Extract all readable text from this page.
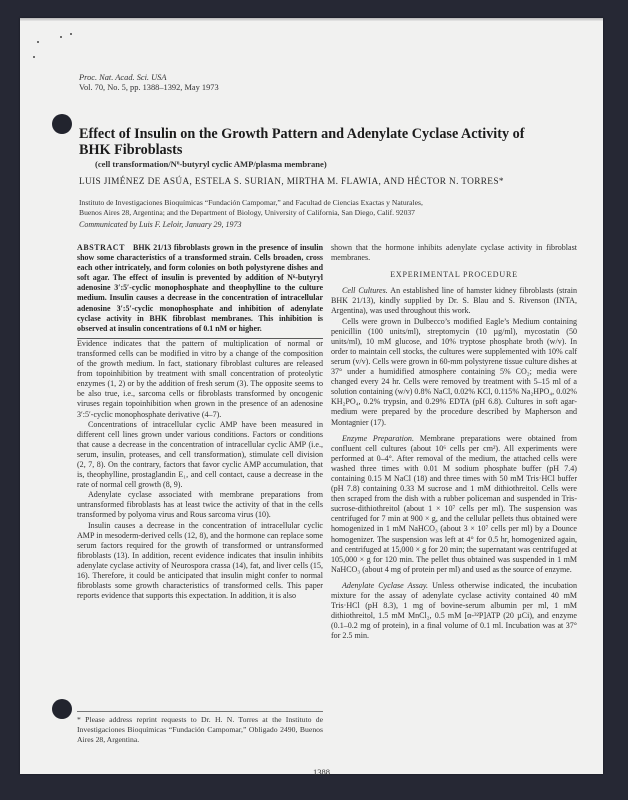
Proc. Nat. Acad. Sci. USA
Vol. 70, No. 5, pp. 1388–1392, May 1973
Effect of Insulin on the Growth Pattern and Adenylate Cyclase Activity of BHK Fibroblasts
(cell transformation/N⁶-butyryl cyclic AMP/plasma membrane)
LUIS JIMÉNEZ DE ASÚA, ESTELA S. SURIAN, MIRTHA M. FLAWIA, AND HÉCTOR N. TORRES*
Instituto de Investigaciones Bioquímicas “Fundación Campomar,” and Facultad de Ciencias Exactas y Naturales,
Buenos Aires 28, Argentina; and the Department of Biology, University of California, San Diego, Calif. 92037
Communicated by Luis F. Leloir, January 29, 1973

ABSTRACT BHK 21/13 fibroblasts grown in the presence of insulin show some characteristics of a transformed strain. Cells broaden, cross each other intricately, and form colonies on both polystyrene dishes and soft agar. The effect of insulin is prevented by addition of N⁶-butyryl adenosine 3′:5′-cyclic monophosphate and theophylline to the culture medium. Insulin causes a decrease in the concentration of intracellular adenosine 3′:5′-cyclic monophosphate and inhibition of adenylate cyclase activity in BHK fibroblast membranes. This inhibition is observed at insulin concentrations of 0.1 nM or higher.

Evidence indicates that the pattern of multiplication of normal or transformed cells can be modified in vitro by a change of the composition of the growth medium. In fact, stationary fibroblast cultures are released from topoinhibition by treatment with small concentration of proteolytic enzymes (1, 2) or by the addition of fresh serum (3). The opposite seems to be also true, i.e., sarcoma cells or fibroblasts transformed by oncogenic viruses regain topoinhibition when grown in the presence of an adenosine 3′:5′-cyclic monophosphate derivative (4–7).

Concentrations of intracellular cyclic AMP have been measured in different cell lines grown under various conditions. Factors or conditions that cause a decrease in the concentration of intracellular cyclic AMP (i.e., serum, insulin, proteases, and cell transformation), stimulate cell division (2, 7, 8). On the contrary, factors that favor cyclic AMP accumulation, that is, theophylline, prostaglandin E₁, and cell contact, cause a decrease in the rate of normal cell growth (8, 9).

Adenylate cyclase associated with membrane preparations from untransformed fibroblasts has at least twice the activity of that in the cells transformed by polyoma virus and Rous sarcoma virus (10).

Insulin causes a decrease in the concentration of intracellular cyclic AMP in mesoderm-derived cells (12, 8), and the hormone can replace some serum factors required for the growth of transformed or untransformed fibroblasts (13). In addition, recent evidence indicates that insulin inhibits adenylate cyclase activity of Neurospora crassa (14), fat, and liver cells (15, 16). Therefore, it could be anticipated that insulin might confer to normal fibroblasts some growth characteristics of transformed cells. This paper reports evidence that supports this expectation. In addition, it is also

* Please address reprint requests to Dr. H. N. Torres at the Instituto de Investigaciones Bioquímicas “Fundación Campomar,” Obligado 2490, Buenos Aires 28, Argentina.

shown that the hormone inhibits adenylate cyclase activity in fibroblast membranes.

EXPERIMENTAL PROCEDURE

Cell Cultures. An established line of hamster kidney fibroblasts (strain BHK 21/13), kindly supplied by Dr. S. Blau and S. Rivenson (INTA, Argentina), was used throughout this work.

Cells were grown in Dulbecco’s modified Eagle’s Medium containing penicillin (100 units/ml), streptomycin (10 µg/ml), mycostatin (50 units/ml), 10 mM glucose, and 10% tryptose phosphate broth (w/v). In order to maintain cell stocks, the cultures were supplemented with 10% calf serum (v/v). Cells were grown in 60-mm polystyrene tissue culture dishes at 37° under a humidified atmosphere containing 5% CO₂; media were changed every 24 hr. Cells were removed by treatment with 5–15 ml of a solution containing (w/v) 0.8% NaCl, 0.02% KCl, 0.115% Na₂HPO₄, 0.02% KH₂PO₄, 0.2% trypsin, and 0.29% EDTA (pH 6.8). Cultures in soft agar-medium were prepared by the procedure described by Mapherson and Montagnier (17).

Enzyme Preparation. Membrane preparations were obtained from confluent cell cultures (about 10⁶ cells per cm²). All experiments were performed at 0–4°. After removal of the medium, the attached cells were washed three times with 0.01 M sodium phosphate buffer (pH 7.4) containing 0.15 M NaCl (18) and three times with 50 mM Tris·HCl buffer (pH 7.8) containing 0.33 M sucrose and 1 mM dithiothreitol. Cells were then scraped from the dish with a rubber policeman and suspended in Tris-sucrose-dithiothreitol (about 1 × 10⁷ cells per ml). The suspension was centrifuged for 7 min at 900 × g, and the cellular pellets thus obtained were homogenized in 1 mM NaHCO₃ (about 3 × 10⁷ cells per ml) by a Dounce homogenizer. The suspension was left at 4° for 0.5 hr, homogenized again, and centrifuged at 15,000 × g for 20 min; the supernatant was centrifuged at 105,000 × g for 120 min. The pellet thus obtained was suspended in 1 mM NaHCO₃ (about 4 mg of protein per ml) and used as the source of enzyme.

Adenylate Cyclase Assay. Unless otherwise indicated, the incubation mixture for the assay of adenylate cyclase activity contained 40 mM Tris·HCl (pH 8.3), 1 mg of bovine-serum albumin per ml, 1 mM dithiothreitol, 1.5 mM MnCl₂, 0.5 mM [α-³²P]ATP (20 µCi), and enzyme (0.1–0.2 mg of protein), in a final volume of 0.1 ml. Incubation was at 37° for 2.5 min.

1388
